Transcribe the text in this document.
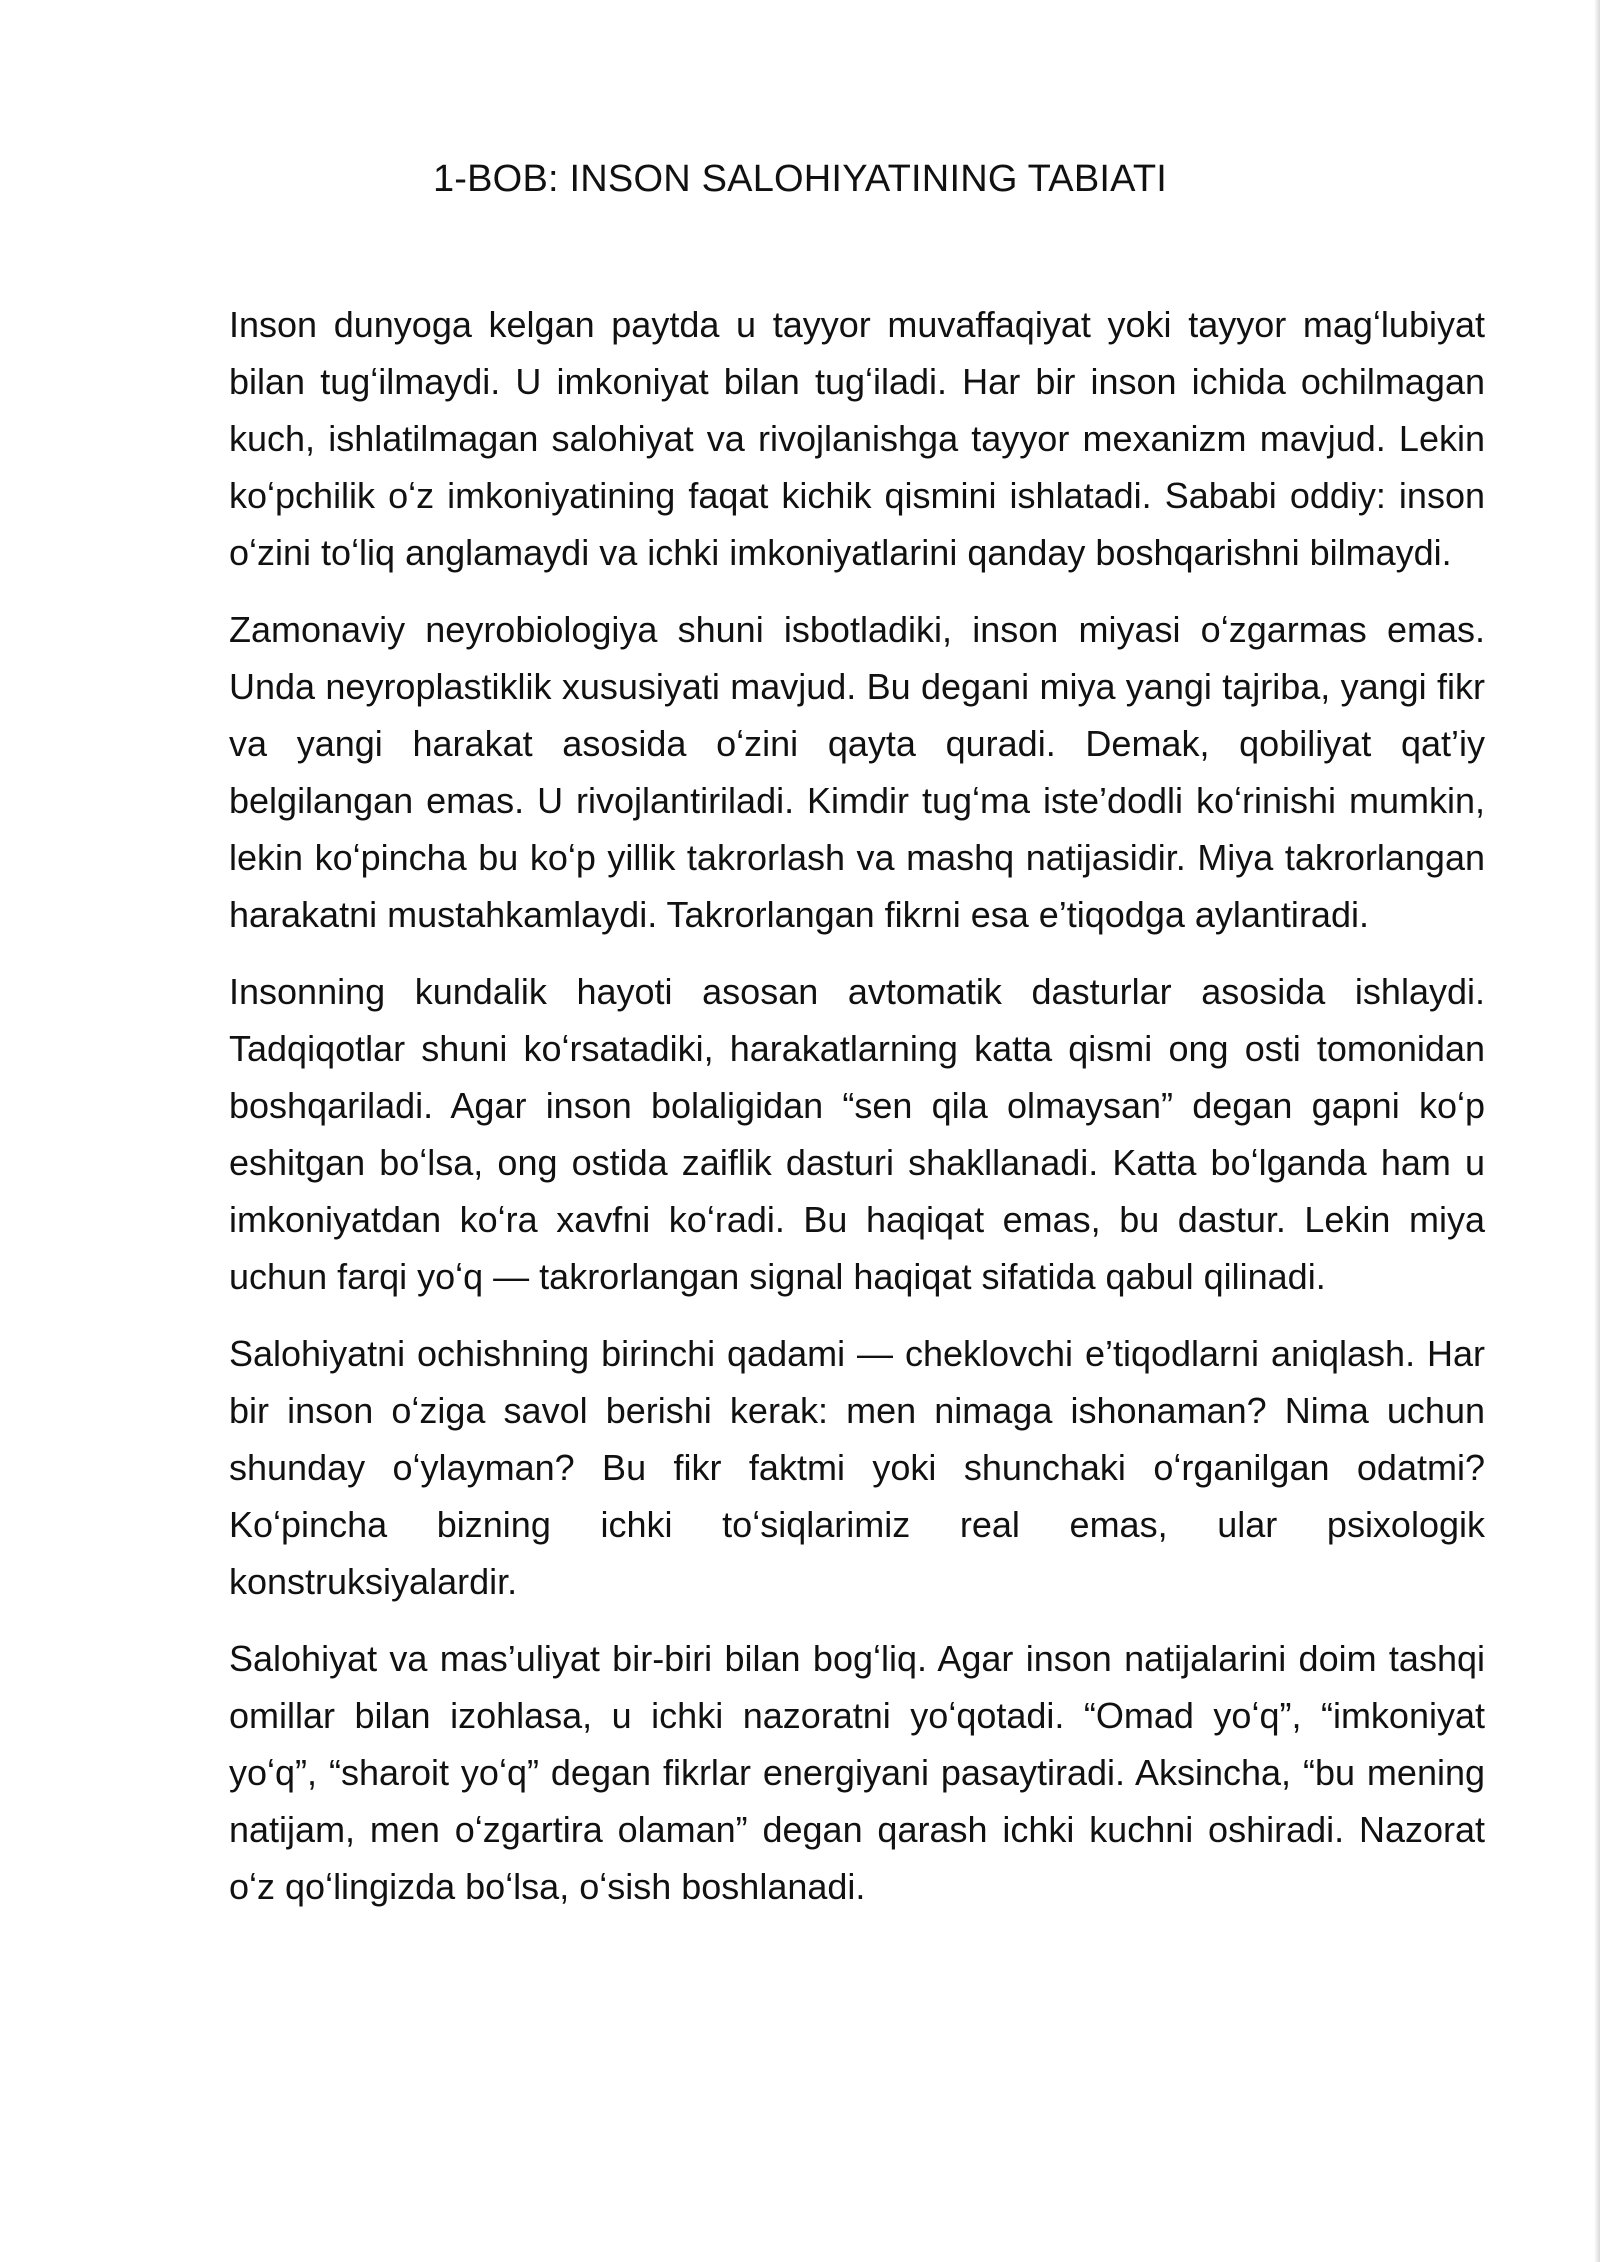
1-BOB: INSON SALOHIYATINING TABIATI

Inson dunyoga kelgan paytda u tayyor muvaffaqiyat yoki tayyor magʻlubiyat bilan tugʻilmaydi. U imkoniyat bilan tugʻiladi. Har bir inson ichida ochilmagan kuch, ishlatilmagan salohiyat va rivojlanishga tayyor mexanizm mavjud. Lekin koʻpchilik oʻz imkoniyatining faqat kichik qismini ishlatadi. Sababi oddiy: inson oʻzini toʻliq anglamaydi va ichki imkoniyatlarini qanday boshqarishni bilmaydi.

Zamonaviy neyrobiologiya shuni isbotladiki, inson miyasi oʻzgarmas emas. Unda neyroplastiklik xususiyati mavjud. Bu degani miya yangi tajriba, yangi fikr va yangi harakat asosida oʻzini qayta quradi. Demak, qobiliyat qat’iy belgilangan emas. U rivojlantiriladi. Kimdir tugʻma iste’dodli koʻrinishi mumkin, lekin koʻpincha bu koʻp yillik takrorlash va mashq natijasidir. Miya takrorlangan harakatni mustahkamlaydi. Takrorlangan fikrni esa e’tiqodga aylantiradi.

Insonning kundalik hayoti asosan avtomatik dasturlar asosida ishlaydi. Tadqiqotlar shuni koʻrsatadiki, harakatlarning katta qismi ong osti tomonidan boshqariladi. Agar inson bolaligidan “sen qila olmaysan” degan gapni koʻp eshitgan boʻlsa, ong ostida zaiflik dasturi shakllanadi. Katta boʻlganda ham u imkoniyatdan koʻra xavfni koʻradi. Bu haqiqat emas, bu dastur. Lekin miya uchun farqi yoʻq — takrorlangan signal haqiqat sifatida qabul qilinadi.

Salohiyatni ochishning birinchi qadami — cheklovchi e’tiqodlarni aniqlash. Har bir inson oʻziga savol berishi kerak: men nimaga ishonaman? Nima uchun shunday oʻylayman? Bu fikr faktmi yoki shunchaki oʻrganilgan odatmi? Koʻpincha bizning ichki toʻsiqlarimiz real emas, ular psixologik konstruksiyalardir.

Salohiyat va mas’uliyat bir-biri bilan bogʻliq. Agar inson natijalarini doim tashqi omillar bilan izohlasa, u ichki nazoratni yoʻqotadi. “Omad yoʻq”, “imkoniyat yoʻq”, “sharoit yoʻq” degan fikrlar energiyani pasaytiradi. Aksincha, “bu mening natijam, men oʻzgartira olaman” degan qarash ichki kuchni oshiradi. Nazorat oʻz qoʻlingizda boʻlsa, oʻsish boshlanadi.
